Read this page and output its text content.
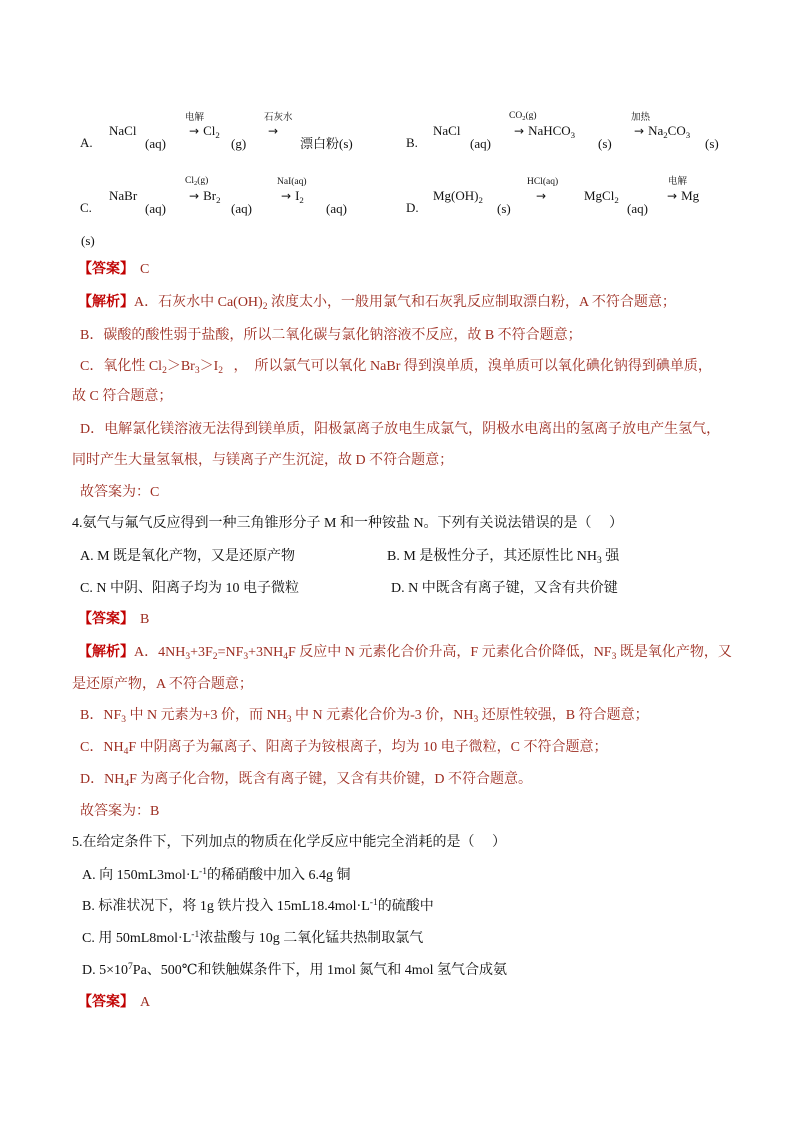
A.
NaCl
(aq)
电解
→ $Cl_2$
(g)
石灰水
→
漂白粉(s)	B.
NaCl
(aq)
$CO_2(g)$
→ NaHCO$_3$
(s)
加热
→ $Na_2CO_3$
(s)
C.
NaBr
(aq)
$Cl_2(g)$
→ $Br_2$
(aq)
NaI(aq)
→ $I_2$
(aq)	D.
$Mg(OH)_2$
(s)
HCl(aq)
→	MgCl$_2$
(aq)
电解
→ Mg
(s)
【答案】 C
【解析】A．石灰水中 $Ca(OH)_2$ 浓度太小，一般用氯气和石灰乳反应制取漂白粉，A 不符合题意；
B．碳酸的酸性弱于盐酸，所以二氧化碳与氯化钠溶液不反应，故 B 不符合题意；
C．氧化性 $Cl_2>Br_3>I_2$   ，  所以氯气可以氧化 NaBr 得到溴单质，溴单质可以氧化碘化钠得到碘单质，
故 C 符合题意；
D．电解氯化镁溶液无法得到镁单质，阳极氯离子放电生成氯气，阴极水电离出的氢离子放电产生氢气，
同时产生大量氢氧根，与镁离子产生沉淀，故 D 不符合题意；
故答案为：C
4.氨气与氟气反应得到一种三角锥形分子 M 和一种铵盐 N。下列有关说法错误的是（     ）
A. M 既是氧化产物，又是还原产物	B. M 是极性分子，其还原性比 $NH_3$ 强
C. N 中阴、阳离子均为 10 电子微粒	D. N 中既含有离子键，又含有共价键
【答案】 B
【解析】A．$4NH_3+3F_2=NF_3+3NH_4F$ 反应中 N 元素化合价升高，F 元素化合价降低，$NF_3$ 既是氧化产物，又
是还原产物，A 不符合题意；
B．$NF_3$ 中 N 元素为+3 价，而 $NH_3$ 中 N 元素化合价为-3 价，$NH_3$ 还原性较强，B 符合题意；
C．$NH_4F$ 中阴离子为氟离子、阳离子为铵根离子，均为 10 电子微粒，C 不符合题意；
D．$NH_4F$ 为离子化合物，既含有离子键，又含有共价键，D 不符合题意。
故答案为：B
5.在给定条件下，下列加点的物质在化学反应中能完全消耗的是（     ）
A. 向 $150mL3mol\cdot L^{-1}$的稀硝酸中加入 6.4g 铜
B. 标准状况下，将 1g 铁片投入 $15mL18.4mol\cdot L^{-1}$的硫酸中
C. 用 $50mL8mol\cdot L^{-1}$浓盐酸与 10g 二氧化锰共热制取氯气
D. $5\times 10^7Pa$、500℃和铁触媒条件下，用 1mol 氮气和 4mol 氢气合成氨
【答案】 A
